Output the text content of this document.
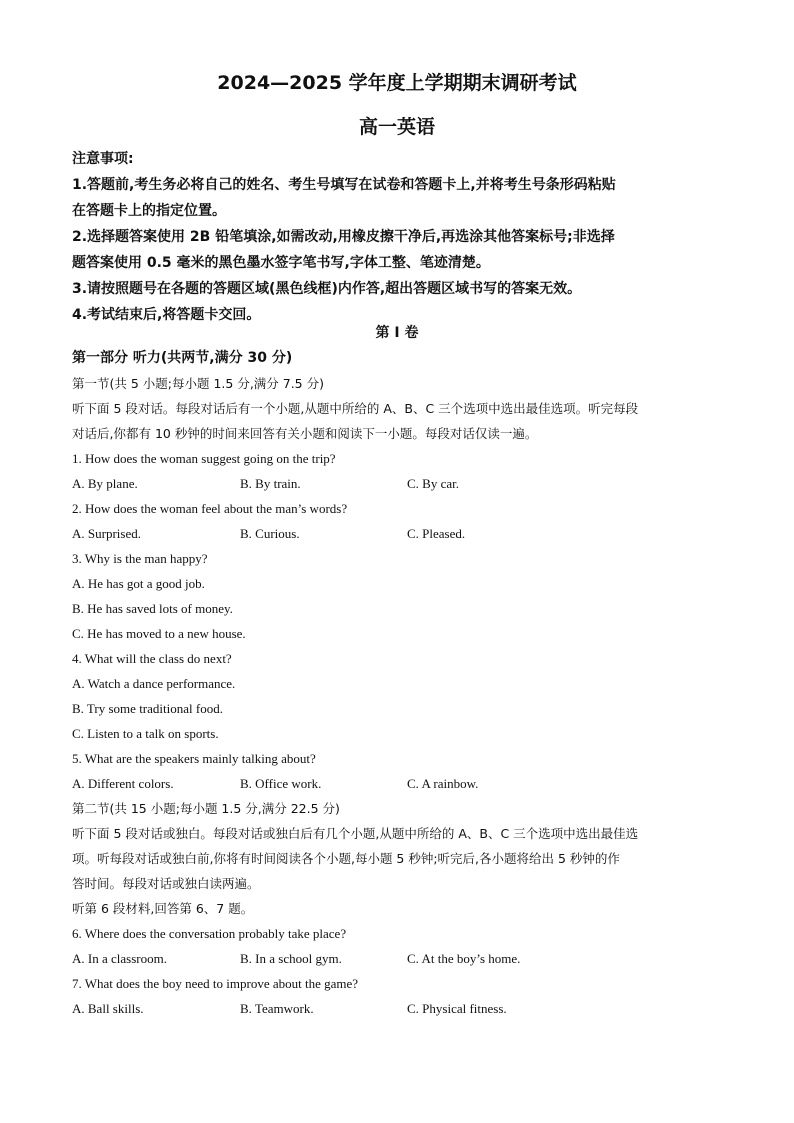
2024—2025 学年度上学期期末调研考试
高一英语
注意事项:
1.答题前,考生务必将自己的姓名、考生号填写在试卷和答题卡上,并将考生号条形码粘贴
在答题卡上的指定位置。
2.选择题答案使用 2B 铅笔填涂,如需改动,用橡皮擦干净后,再选涂其他答案标号;非选择
题答案使用 0.5 毫米的黑色墨水签字笔书写,字体工整、笔迹清楚。
3.请按照题号在各题的答题区域(黑色线框)内作答,超出答题区域书写的答案无效。
4.考试结束后,将答题卡交回。
第 I 卷
第一部分 听力(共两节,满分 30 分)
第一节(共 5 小题;每小题 1.5 分,满分 7.5 分)
听下面 5 段对话。每段对话后有一个小题,从题中所给的 A、B、C 三个选项中选出最佳选项。听完每段
对话后,你都有 10 秒钟的时间来回答有关小题和阅读下一小题。每段对话仅读一遍。
1. How does the woman suggest going on the trip?
A. By plane.	B. By train.	C. By car.
2. How does the woman feel about the man’s words?
A. Surprised.	B. Curious.	C. Pleased.
3. Why is the man happy?
A. He has got a good job.
B. He has saved lots of money.
C. He has moved to a new house.
4. What will the class do next?
A. Watch a dance performance.
B. Try some traditional food.
C. Listen to a talk on sports.
5. What are the speakers mainly talking about?
A. Different colors.	B. Office work.	C. A rainbow.
第二节(共 15 小题;每小题 1.5 分,满分 22.5 分)
听下面 5 段对话或独白。每段对话或独白后有几个小题,从题中所给的 A、B、C 三个选项中选出最佳选
项。听每段对话或独白前,你将有时间阅读各个小题,每小题 5 秒钟;听完后,各小题将给出 5 秒钟的作
答时间。每段对话或独白读两遍。
听第 6 段材料,回答第 6、7 题。
6. Where does the conversation probably take place?
A. In a classroom.	B. In a school gym.	C. At the boy’s home.
7. What does the boy need to improve about the game?
A. Ball skills.	B. Teamwork.	C. Physical fitness.
